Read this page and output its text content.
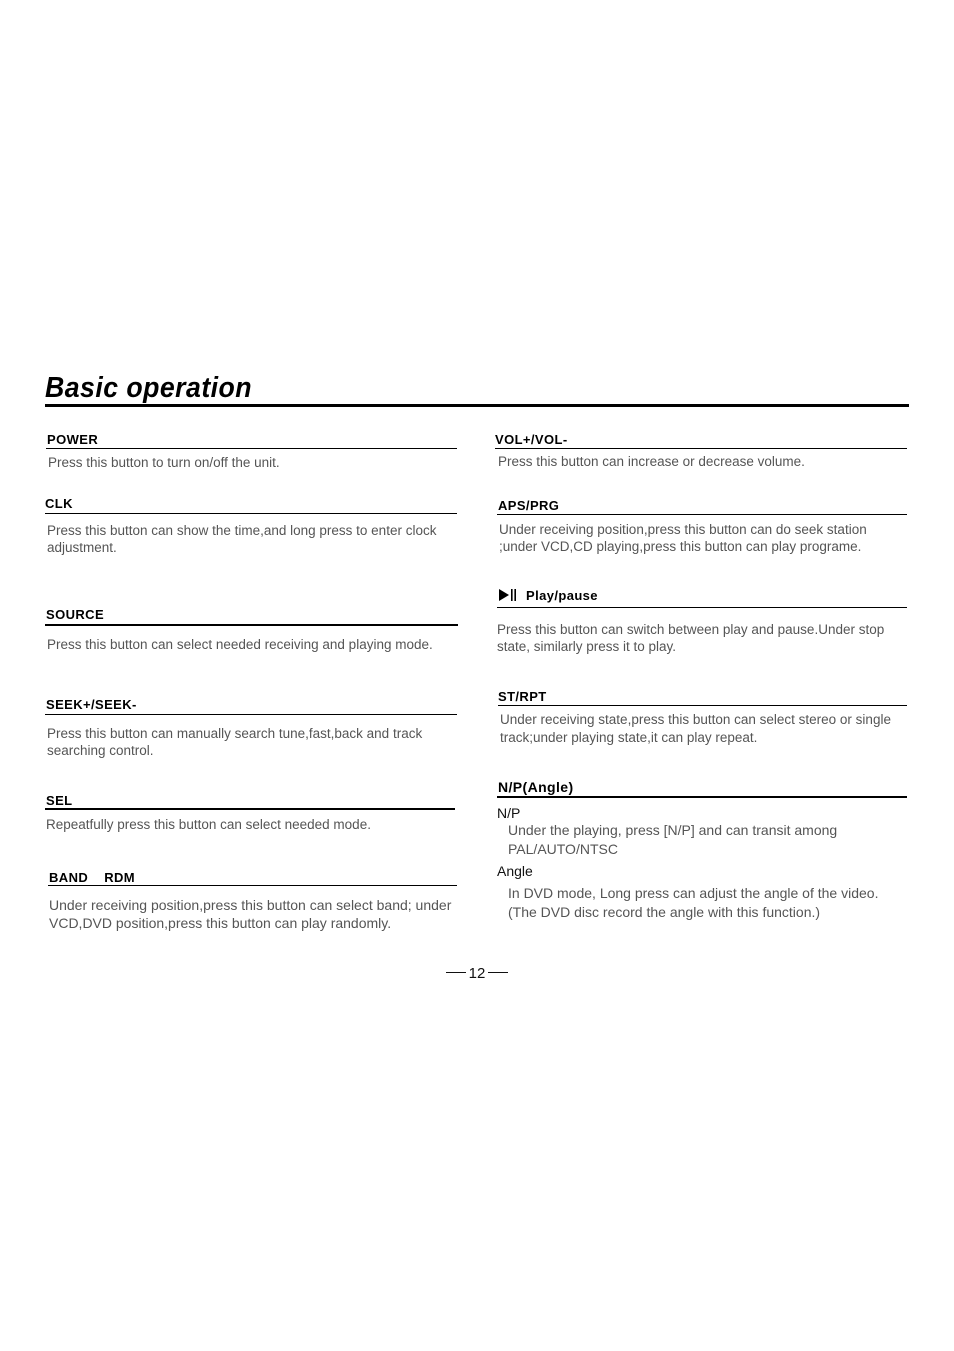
Basic operation
POWER

Press this button to turn on/off the unit.

CLK

Press this button can show the time,and long press to enter clock adjustment.

SOURCE

Press this button can select needed receiving and playing mode.

SEEK+/SEEK-

Press this button can manually search tune,fast,back and track searching control.

SEL

Repeatfully press this button can select needed mode.

BAND    RDM

Under receiving position,press this button can select band; under VCD,DVD position,press this button can play randomly.

VOL+/VOL-

Press this button can increase or decrease volume.

APS/PRG

Under receiving position,press this button can do seek station ;under VCD,CD playing,press this button can play programe.

Play/pause

Press this button can switch between play and pause.Under stop state, similarly press it to play.

ST/RPT

Under receiving state,press this button can select stereo or single track;under playing state,it can play repeat.

N/P(Angle)
N/P

Under the playing, press [N/P] and can transit among PAL/AUTO/NTSC

Angle

In DVD mode, Long press can adjust the angle of the video. (The DVD disc record the angle with this function.)

12
